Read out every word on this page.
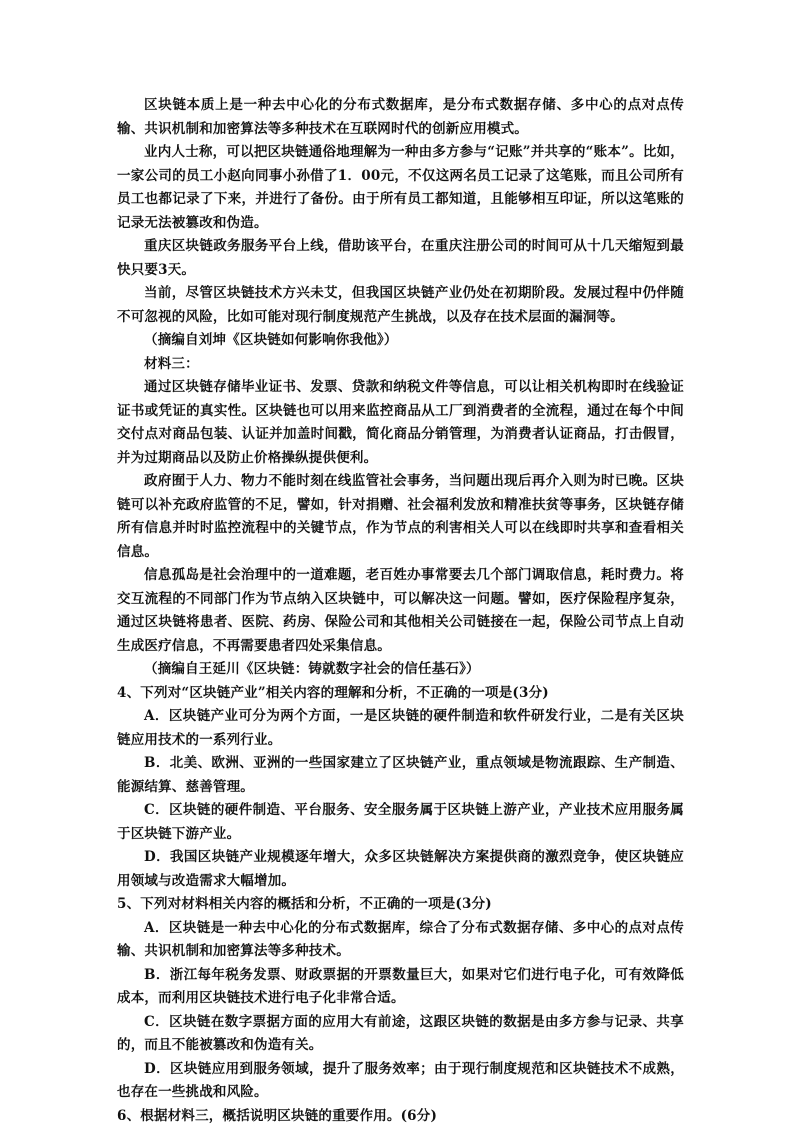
区块链本质上是一种去中心化的分布式数据库，是分布式数据存储、多中心的点对点传输、共识机制和加密算法等多种技术在互联网时代的创新应用模式。

业内人士称，可以把区块链通俗地理解为一种由多方参与“记账”并共享的“账本”。比如，一家公司的员工小赵向同事小孙借了1．00元，不仅这两名员工记录了这笔账，而且公司所有员工也都记录了下来，并进行了备份。由于所有员工都知道，且能够相互印证，所以这笔账的记录无法被篡改和伪造。

重庆区块链政务服务平台上线，借助该平台，在重庆注册公司的时间可从十几天缩短到最快只要3天。

当前，尽管区块链技术方兴未艾，但我国区块链产业仍处在初期阶段。发展过程中仍伴随不可忽视的风险，比如可能对现行制度规范产生挑战，以及存在技术层面的漏洞等。

（摘编自刘坤《区块链如何影响你我他》）

材料三：

通过区块链存储毕业证书、发票、贷款和纳税文件等信息，可以让相关机构即时在线验证证书或凭证的真实性。区块链也可以用来监控商品从工厂到消费者的全流程，通过在每个中间交付点对商品包装、认证并加盖时间戳，简化商品分销管理，为消费者认证商品，打击假冒，并为过期商品以及防止价格操纵提供便利。

政府囿于人力、物力不能时刻在线监管社会事务，当问题出现后再介入则为时已晚。区块链可以补充政府监管的不足，譬如，针对捐赠、社会福利发放和精准扶贫等事务，区块链存储所有信息并时时监控流程中的关键节点，作为节点的利害相关人可以在线即时共享和查看相关信息。

信息孤岛是社会治理中的一道难题，老百姓办事常要去几个部门调取信息，耗时费力。将交互流程的不同部门作为节点纳入区块链中，可以解决这一问题。譬如，医疗保险程序复杂，通过区块链将患者、医院、药房、保险公司和其他相关公司链接在一起，保险公司节点上自动生成医疗信息，不再需要患者四处采集信息。

（摘编自王延川《区块链：铸就数字社会的信任基石》）

4、下列对“区块链产业”相关内容的理解和分析，不正确的一项是(3分)

A．区块链产业可分为两个方面，一是区块链的硬件制造和软件研发行业，二是有关区块链应用技术的一系列行业。

B．北美、欧洲、亚洲的一些国家建立了区块链产业，重点领域是物流跟踪、生产制造、能源结算、慈善管理。

C．区块链的硬件制造、平台服务、安全服务属于区块链上游产业，产业技术应用服务属于区块链下游产业。

D．我国区块链产业规模逐年增大，众多区块链解决方案提供商的激烈竞争，使区块链应用领域与改造需求大幅增加。

5、下列对材料相关内容的概括和分析，不正确的一项是(3分)

A．区块链是一种去中心化的分布式数据库，综合了分布式数据存储、多中心的点对点传输、共识机制和加密算法等多种技术。

B．浙江每年税务发票、财政票据的开票数量巨大，如果对它们进行电子化，可有效降低成本，而利用区块链技术进行电子化非常合适。

C．区块链在数字票据方面的应用大有前途，这跟区块链的数据是由多方参与记录、共享的，而且不能被篡改和伪造有关。

D．区块链应用到服务领域，提升了服务效率；由于现行制度规范和区块链技术不成熟，也存在一些挑战和风险。

6、根据材料三，概括说明区块链的重要作用。(6分)
